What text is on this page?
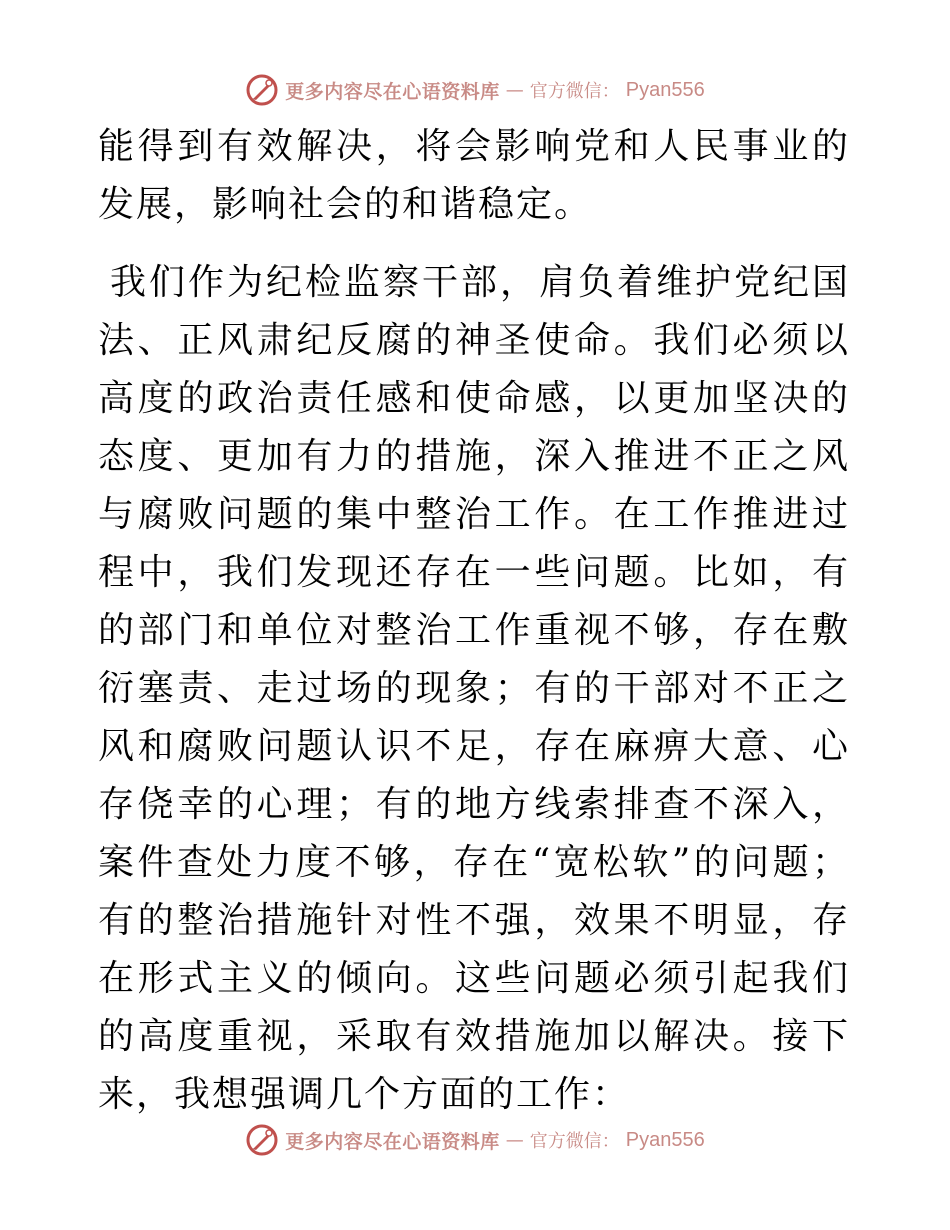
更多内容尽在心语资料库 — 官方微信： Pyan556

能得到有效解决，将会影响党和人民事业的发展，影响社会的和谐稳定。

我们作为纪检监察干部，肩负着维护党纪国法、正风肃纪反腐的神圣使命。我们必须以高度的政治责任感和使命感，以更加坚决的态度、更加有力的措施，深入推进不正之风与腐败问题的集中整治工作。在工作推进过程中，我们发现还存在一些问题。比如，有的部门和单位对整治工作重视不够，存在敷衍塞责、走过场的现象；有的干部对不正之风和腐败问题认识不足，存在麻痹大意、心存侥幸的心理；有的地方线索排查不深入，案件查处力度不够，存在“宽松软”的问题；有的整治措施针对性不强，效果不明显，存在形式主义的倾向。这些问题必须引起我们的高度重视，采取有效措施加以解决。接下来，我想强调几个方面的工作：

更多内容尽在心语资料库 — 官方微信： Pyan556
